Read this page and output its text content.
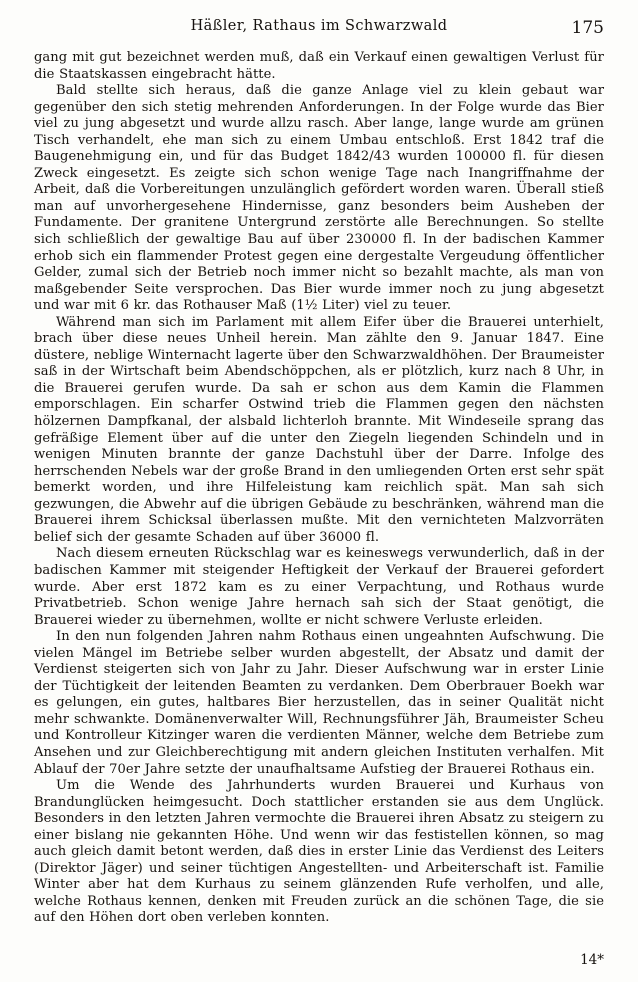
Häßler, Rathaus im Schwarzwald	175

gang mit gut bezeichnet werden muß, daß ein Verkauf einen gewaltigen Verlust für die Staatskassen eingebracht hätte.

Bald stellte sich heraus, daß die ganze Anlage viel zu klein gebaut war gegenüber den sich stetig mehrenden Anforderungen. In der Folge wurde das Bier viel zu jung abgesetzt und wurde allzu rasch. Aber lange, lange wurde am grünen Tisch verhandelt, ehe man sich zu einem Umbau entschloß. Erst 1842 traf die Baugenehmigung ein, und für das Budget 1842/43 wurden 100000 fl. für diesen Zweck eingesetzt. Es zeigte sich schon wenige Tage nach Inangriffnahme der Arbeit, daß die Vorbereitungen unzulänglich gefördert worden waren. Überall stieß man auf unvorhergesehene Hindernisse, ganz besonders beim Ausheben der Fundamente. Der granitene Untergrund zerstörte alle Berechnungen. So stellte sich schließlich der gewaltige Bau auf über 230000 fl. In der badischen Kammer erhob sich ein flammender Protest gegen eine dergestalte Vergeudung öffentlicher Gelder, zumal sich der Betrieb noch immer nicht so bezahlt machte, als man von maßgebender Seite versprochen. Das Bier wurde immer noch zu jung abgesetzt und war mit 6 kr. das Rothauser Maß (1½ Liter) viel zu teuer.

Während man sich im Parlament mit allem Eifer über die Brauerei unterhielt, brach über diese neues Unheil herein. Man zählte den 9. Januar 1847. Eine düstere, neblige Winternacht lagerte über den Schwarzwaldhöhen. Der Braumeister saß in der Wirtschaft beim Abendschöppchen, als er plötzlich, kurz nach 8 Uhr, in die Brauerei gerufen wurde. Da sah er schon aus dem Kamin die Flammen emporschlagen. Ein scharfer Ostwind trieb die Flammen gegen den nächsten hölzernen Dampfkanal, der alsbald lichterloh brannte. Mit Windeseile sprang das gefräßige Element über auf die unter den Ziegeln liegenden Schindeln und in wenigen Minuten brannte der ganze Dachstuhl über der Darre. Infolge des herrschenden Nebels war der große Brand in den umliegenden Orten erst sehr spät bemerkt worden, und ihre Hilfeleistung kam reichlich spät. Man sah sich gezwungen, die Abwehr auf die übrigen Gebäude zu beschränken, während man die Brauerei ihrem Schicksal überlassen mußte. Mit den vernichteten Malzvorräten belief sich der gesamte Schaden auf über 36000 fl.

Nach diesem erneuten Rückschlag war es keineswegs verwunderlich, daß in der badischen Kammer mit steigender Heftigkeit der Verkauf der Brauerei gefordert wurde. Aber erst 1872 kam es zu einer Verpachtung, und Rothaus wurde Privatbetrieb. Schon wenige Jahre hernach sah sich der Staat genötigt, die Brauerei wieder zu übernehmen, wollte er nicht schwere Verluste erleiden.

In den nun folgenden Jahren nahm Rothaus einen ungeahnten Aufschwung. Die vielen Mängel im Betriebe selber wurden abgestellt, der Absatz und damit der Verdienst steigerten sich von Jahr zu Jahr. Dieser Aufschwung war in erster Linie der Tüchtigkeit der leitenden Beamten zu verdanken. Dem Oberbrauer Boekh war es gelungen, ein gutes, haltbares Bier herzustellen, das in seiner Qualität nicht mehr schwankte. Domänenverwalter Will, Rechnungsführer Jäh, Braumeister Scheu und Kontrolleur Kitzinger waren die verdienten Männer, welche dem Betriebe zum Ansehen und zur Gleichberechtigung mit andern gleichen Instituten verhalfen. Mit Ablauf der 70er Jahre setzte der unaufhaltsame Aufstieg der Brauerei Rothaus ein.

Um die Wende des Jahrhunderts wurden Brauerei und Kurhaus von Brandunglücken heimgesucht. Doch stattlicher erstanden sie aus dem Unglück. Besonders in den letzten Jahren vermochte die Brauerei ihren Absatz zu steigern zu einer bislang nie gekannten Höhe. Und wenn wir das festistellen können, so mag auch gleich damit betont werden, daß dies in erster Linie das Verdienst des Leiters (Direktor Jäger) und seiner tüchtigen Angestellten- und Arbeiterschaft ist. Familie Winter aber hat dem Kurhaus zu seinem glänzenden Rufe verholfen, und alle, welche Rothaus kennen, denken mit Freuden zurück an die schönen Tage, die sie auf den Höhen dort oben verleben konnten.

14*
